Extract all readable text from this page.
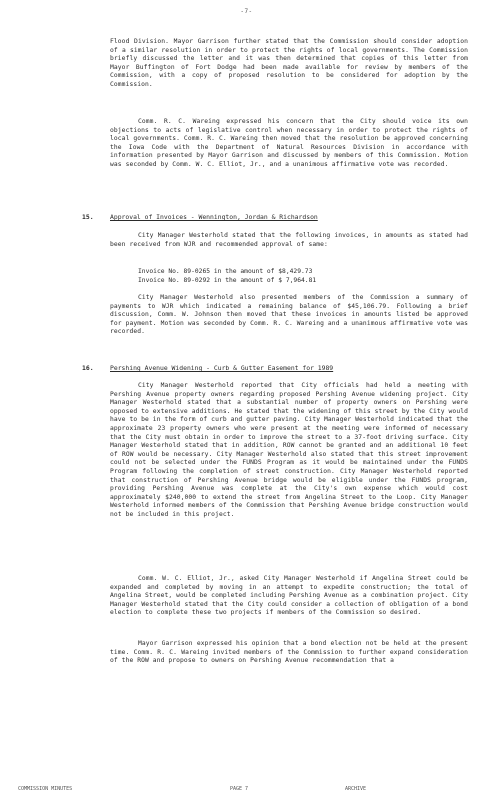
-7-

Flood Division. Mayor Garrison further stated that the Commission should consider adoption of a similar resolution in order to protect the rights of local governments. The Commission briefly discussed the letter and it was then determined that copies of this letter from Mayor Buffington of Fort Dodge had been made available for review by members of the Commission, with a copy of proposed resolution to be considered for adoption by the Commission.

Comm. R. C. Wareing expressed his concern that the City should voice its own objections to acts of legislative control when necessary in order to protect the rights of local governments. Comm. R. C. Wareing then moved that the resolution be approved concerning the Iowa Code with the Department of Natural Resources Division in accordance with information presented by Mayor Garrison and discussed by members of this Commission. Motion was seconded by Comm. W. C. Elliot, Jr., and a unanimous affirmative vote was recorded.

15.	Approval of Invoices - Wennington, Jordan & Richardson

City Manager Westerhold stated that the following invoices, in amounts as stated had been received from WJR and recommended approval of same:

Invoice No. 89-0265 in the amount of $8,429.73
Invoice No. 89-0292 in the amount of $ 7,964.81

City Manager Westerhold also presented members of the Commission a summary of payments to WJR which indicated a remaining balance of $45,106.79. Following a brief discussion, Comm. W. Johnson then moved that these invoices in amounts listed be approved for payment. Motion was seconded by Comm. R. C. Wareing and a unanimous affirmative vote was recorded.

16.	Pershing Avenue Widening - Curb & Gutter Easement for 1989

City Manager Westerhold reported that City officials had held a meeting with Pershing Avenue property owners regarding proposed Pershing Avenue widening project. City Manager Westerhold stated that a substantial number of property owners on Pershing were opposed to extensive additions. He stated that the widening of this street by the City would have to be in the form of curb and gutter paving. City Manager Westerhold indicated that the approximate 23 property owners who were present at the meeting were informed of necessary that the City must obtain in order to improve the street to a 37-foot driving surface. City Manager Westerhold stated that in addition, ROW cannot be granted and an additional 10 feet of ROW would be necessary. City Manager Westerhold also stated that this street improvement could not be selected under the FUNDS Program as it would be maintained under the FUNDS Program following the completion of street construction. City Manager Westerhold reported that construction of Pershing Avenue bridge would be eligible under the FUNDS program, providing Pershing Avenue was complete at the City's own expense which would cost approximately $240,000 to extend the street from Angelina Street to the Loop. City Manager Westerhold informed members of the Commission that Pershing Avenue bridge construction would not be included in this project.

Comm. W. C. Elliot, Jr., asked City Manager Westerhold if Angelina Street could be expanded and completed by moving in an attempt to expedite construction; the total of Angelina Street, would be completed including Pershing Avenue as a combination project. City Manager Westerhold stated that the City could consider a collection of obligation of a bond election to complete these two projects if members of the Commission so desired.

Mayor Garrison expressed his opinion that a bond election not be held at the present time. Comm. R. C. Wareing invited members of the Commission to further expand consideration of the ROW and propose to owners on Pershing Avenue recommendation that a

COMMISSION MINUTES	PAGE 7	ARCHIVE
